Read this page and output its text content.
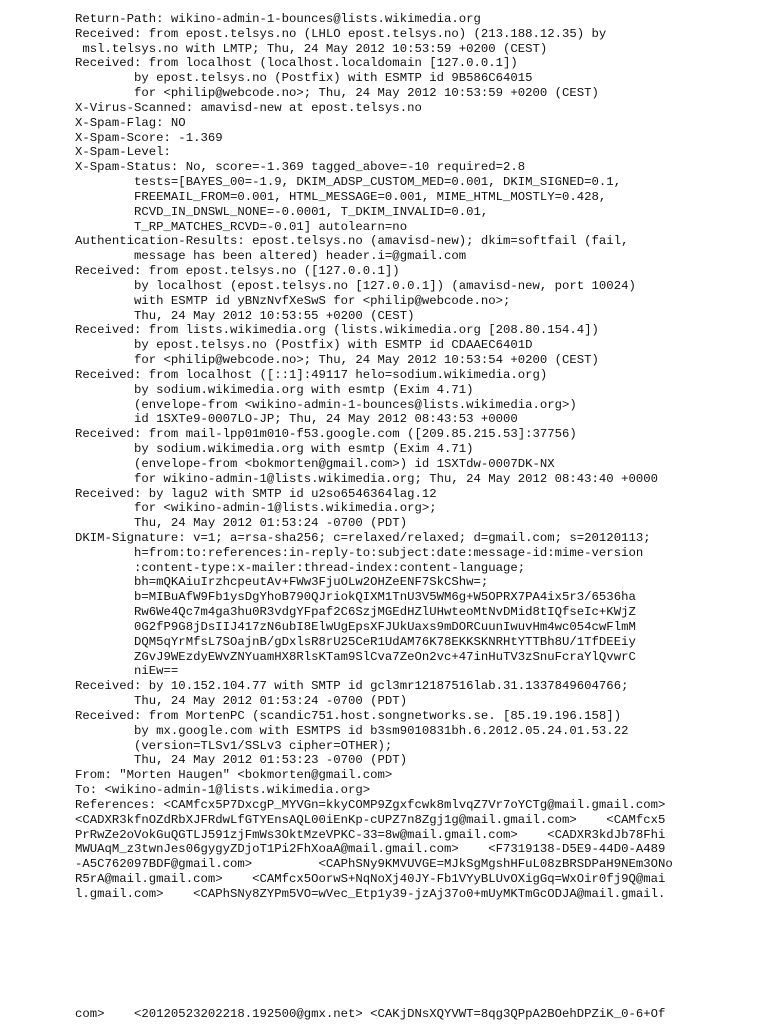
Return-Path: wikino-admin-1-bounces@lists.wikimedia.org
Received: from epost.telsys.no (LHLO epost.telsys.no) (213.188.12.35) by
msl.telsys.no with LMTP; Thu, 24 May 2012 10:53:59 +0200 (CEST)
Received: from localhost (localhost.localdomain [127.0.0.1])
by epost.telsys.no (Postfix) with ESMTP id 9B586C64015
for <philip@webcode.no>; Thu, 24 May 2012 10:53:59 +0200 (CEST)
X-Virus-Scanned: amavisd-new at epost.telsys.no
X-Spam-Flag: NO
X-Spam-Score: -1.369
X-Spam-Level:
X-Spam-Status: No, score=-1.369 tagged_above=-10 required=2.8
tests=[BAYES_00=-1.9, DKIM_ADSP_CUSTOM_MED=0.001, DKIM_SIGNED=0.1,
FREEMAIL_FROM=0.001, HTML_MESSAGE=0.001, MIME_HTML_MOSTLY=0.428,
RCVD_IN_DNSWL_NONE=-0.0001, T_DKIM_INVALID=0.01,
T_RP_MATCHES_RCVD=-0.01] autolearn=no
Authentication-Results: epost.telsys.no (amavisd-new); dkim=softfail (fail,
message has been altered) header.i=@gmail.com
Received: from epost.telsys.no ([127.0.0.1])
by localhost (epost.telsys.no [127.0.0.1]) (amavisd-new, port 10024)
with ESMTP id yBNzNvfXeSwS for <philip@webcode.no>;
Thu, 24 May 2012 10:53:55 +0200 (CEST)
Received: from lists.wikimedia.org (lists.wikimedia.org [208.80.154.4])
by epost.telsys.no (Postfix) with ESMTP id CDAAEC6401D
for <philip@webcode.no>; Thu, 24 May 2012 10:53:54 +0200 (CEST)
Received: from localhost ([::1]:49117 helo=sodium.wikimedia.org)
by sodium.wikimedia.org with esmtp (Exim 4.71)
(envelope-from <wikino-admin-1-bounces@lists.wikimedia.org>)
id 1SXTe9-0007LO-JP; Thu, 24 May 2012 08:43:53 +0000
Received: from mail-lpp01m010-f53.google.com ([209.85.215.53]:37756)
by sodium.wikimedia.org with esmtp (Exim 4.71)
(envelope-from <bokmorten@gmail.com>) id 1SXTdw-0007DK-NX
for wikino-admin-1@lists.wikimedia.org; Thu, 24 May 2012 08:43:40 +0000
Received: by lagu2 with SMTP id u2so6546364lag.12
for <wikino-admin-1@lists.wikimedia.org>;
Thu, 24 May 2012 01:53:24 -0700 (PDT)
DKIM-Signature: v=1; a=rsa-sha256; c=relaxed/relaxed; d=gmail.com; s=20120113;
h=from:to:references:in-reply-to:subject:date:message-id:mime-version
:content-type:x-mailer:thread-index:content-language;
bh=mQKAiuIrzhcpeutAv+FWw3FjuOLw2OHZeENF7SkCShw=;
b=MIBuAfW9Fb1ysDgYhoB790QJriokQIXM1TnU3V5WM6g+W5OPRX7PA4ix5r3/6536ha
Rw6We4Qc7m4ga3hu0R3vdgYFpaf2C6SzjMGEdHZlUHwteoMtNvDMid8tIQfseIc+KWjZ
0G2fP9G8jDsIIJ417zN6ubI8ElwUgEpsXFJUkUaxs9mDORCuunIwuvHm4wc054cwFlmM
DQM5qYrMfsL7SOajnB/gDxlsR8rU25CeR1UdAM76K78EKKSKNRHtYTTBh8U/1TfDEEiy
ZGvJ9WEzdyEWvZNYuamHX8RlsKTam9SlCva7ZeOn2vc+47inHuTV3zSnuFcraYlQvwrC
niEw==
Received: by 10.152.104.77 with SMTP id gcl3mr12187516lab.31.1337849604766;
Thu, 24 May 2012 01:53:24 -0700 (PDT)
Received: from MortenPC (scandic751.host.songnetworks.se. [85.19.196.158])
by mx.google.com with ESMTPS id b3sm9010831bh.6.2012.05.24.01.53.22
(version=TLSv1/SSLv3 cipher=OTHER);
Thu, 24 May 2012 01:53:23 -0700 (PDT)
From: "Morten Haugen" <bokmorten@gmail.com>
To: <wikino-admin-1@lists.wikimedia.org>
References: <CAMfcx5P7DxcgP_MYVGn=kkyCOMP9Zgxfcwk8mlvqZ7Vr7oYCTg@mail.gmail.com>
<CADXR3kfnOZdRbXJFRdwLfGTYEnsAQL00iEnKp-cUPZ7n8Zgj1g@mail.gmail.com>    <CAMfcx5
PrRwZe2oVokGuQGTLJ591zjFmWs3OktMzeVPKC-33=8w@mail.gmail.com>    <CADXR3kdJb78Fhi
MWUAqM_z3twnJes06gygyZDjoT1Pi2FhXoaA@mail.gmail.com>    <F7319138-D5E9-44D0-A489
-A5C762097BDF@gmail.com>         <CAPhSNy9KMVUVGE=MJkSgMgshHFuL08zBRSDPaH9NEm3ONo
R5rA@mail.gmail.com>    <CAMfcx5OorwS+NqNoXj40JY-Fb1VYyBLUvOXigGq=WxOir0fj9Q@mai
l.gmail.com>    <CAPhSNy8ZYPm5VO=wVec_Etp1y39-jzAj37o0+mUyMKTmGcODJA@mail.gmail.
com>    <20120523202218.192500@gmx.net> <CAKjDNsXQYVWT=8qg3QPpA2BOehDPZiK_0-6+Of
